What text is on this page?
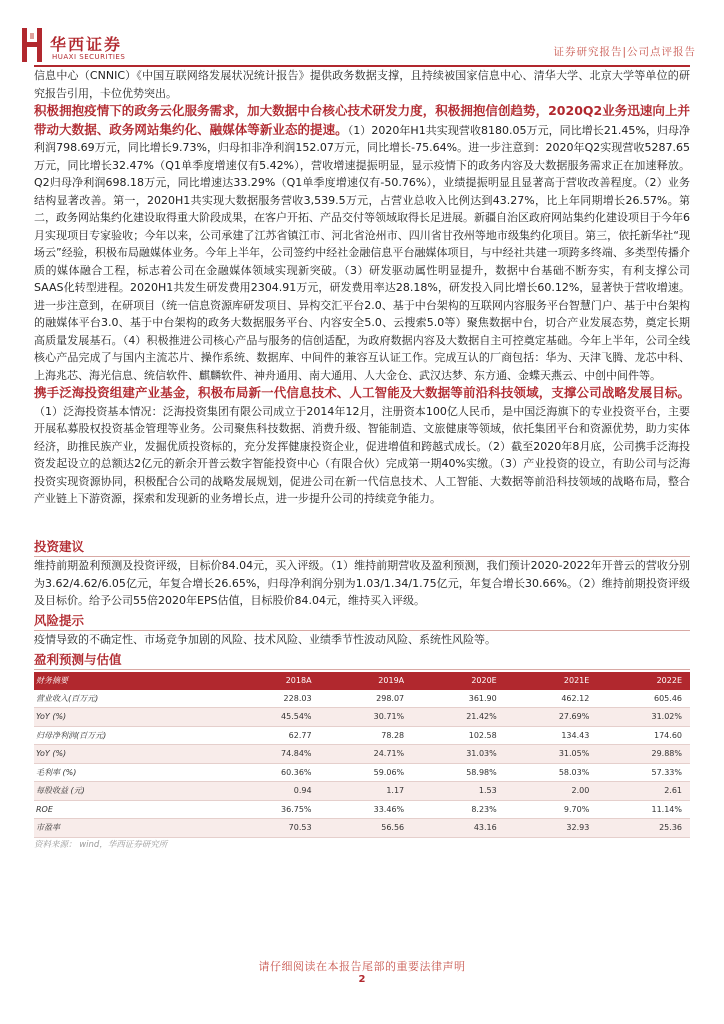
华西证券
HUAXI SECURITIES	证券研究报告|公司点评报告

信息中心（CNNIC）《中国互联网络发展状况统计报告》提供政务数据支撑，且持续被国家信息中心、清华大学、北京大学等单位的研究报告引用，卡位优势突出。

积极拥抱疫情下的政务云化服务需求，加大数据中台核心技术研发力度，积极拥抱信创趋势，2020Q2业务迅速向上并带动大数据、政务网站集约化、融媒体等新业态的提速。（1）2020年H1共实现营收8180.05万元，同比增长21.45%，归母净利润798.69万元，同比增长9.73%，归母扣非净利润152.07万元，同比增长-75.64%。进一步注意到：2020年Q2实现营收5287.65万元，同比增长32.47%（Q1单季度增速仅有5.42%），营收增速提振明显，显示疫情下的政务内容及大数据服务需求正在加速释放。Q2归母净利润698.18万元，同比增速达33.29%（Q1单季度增速仅有-50.76%），业绩提振明显且显著高于营收改善程度。（2）业务结构显著改善。第一，2020H1共实现大数据服务营收3,539.5万元，占营业总收入比例达到43.27%，比上年同期增长26.57%。第二，政务网站集约化建设取得重大阶段成果，在客户开拓、产品交付等领域取得长足进展。新疆自治区政府网站集约化建设项目于今年6月实现项目专家验收；今年以来，公司承建了江苏省镇江市、河北省沧州市、四川省甘孜州等地市级集约化项目。第三，依托新华社“现场云”经验，积极布局融媒体业务。今年上半年，公司签约中经社金融信息平台融媒体项目，与中经社共建一项跨多终端、多类型传播介质的媒体融合工程，标志着公司在金融媒体领域实现新突破。（3）研发驱动属性明显提升，数据中台基础不断夯实，有利支撑公司SAAS化转型进程。2020H1共发生研发费用2304.91万元，研发费用率达28.18%，研发投入同比增长60.12%，显著快于营收增速。进一步注意到，在研项目（统一信息资源库研发项目、异构交汇平台2.0、基于中台架构的互联网内容服务平台智慧门户、基于中台架构的融媒体平台3.0、基于中台架构的政务大数据服务平台、内容安全5.0、云搜索5.0等）聚焦数据中台，切合产业发展态势，奠定长期高质量发展基石。（4）积极推进公司核心产品与服务的信创适配，为政府数据内容及大数据自主可控奠定基础。今年上半年，公司全线核心产品完成了与国内主流芯片、操作系统、数据库、中间件的兼容互认证工作。完成互认的厂商包括：华为、天津飞腾、龙芯中科、上海兆芯、海光信息、统信软件、麒麟软件、神舟通用、南大通用、人大金仓、武汉达梦、东方通、金蝶天燕云、中创中间件等。

携手泛海投资组建产业基金，积极布局新一代信息技术、人工智能及大数据等前沿科技领域，支撑公司战略发展目标。（1）泛海投资基本情况：泛海投资集团有限公司成立于2014年12月，注册资本100亿人民币，是中国泛海旗下的专业投资平台，主要开展私募股权投资基金管理等业务。公司聚焦科技数据、消费升级、智能制造、文旅健康等领域，依托集团平台和资源优势，助力实体经济，助推民族产业，发掘优质投资标的，充分发挥健康投资企业，促进增值和跨越式成长。（2）截至2020年8月底，公司携手泛海投资发起设立的总额达2亿元的新余开普云数字智能投资中心（有限合伙）完成第一期40%实缴。（3）产业投资的设立，有助公司与泛海投资实现资源协同，积极配合公司的战略发展规划，促进公司在新一代信息技术、人工智能、大数据等前沿科技领域的战略布局，整合产业链上下游资源，探索和发现新的业务增长点，进一步提升公司的持续竞争能力。

投资建议

维持前期盈利预测及投资评级，目标价84.04元，买入评级。（1）维持前期营收及盈利预测，我们预计2020-2022年开普云的营收分别为3.62/4.62/6.05亿元，年复合增长26.65%，归母净利润分别为1.03/1.34/1.75亿元，年复合增长30.66%。（2）维持前期投资评级及目标价。给予公司55倍2020年EPS估值，目标股价84.04元，维持买入评级。

风险提示

疫情导致的不确定性、市场竞争加剧的风险、技术风险、业绩季节性波动风险、系统性风险等。

盈利预测与估值
财务摘要	2018A	2019A	2020E	2021E	2022E
营业收入(百万元)	228.03	298.07	361.90	462.12	605.46
YoY (%)	45.54%	30.71%	21.42%	27.69%	31.02%
归母净利润(百万元)	62.77	78.28	102.58	134.43	174.60
YoY (%)	74.84%	24.71%	31.03%	31.05%	29.88%
毛利率 (%)	60.36%	59.06%	58.98%	58.03%	57.33%
每股收益 (元)	0.94	1.17	1.53	2.00	2.61
ROE	36.75%	33.46%	8.23%	9.70%	11.14%
市盈率	70.53	56.56	43.16	32.93	25.36
资料来源： wind，华西证券研究所
请仔细阅读在本报告尾部的重要法律声明
2
